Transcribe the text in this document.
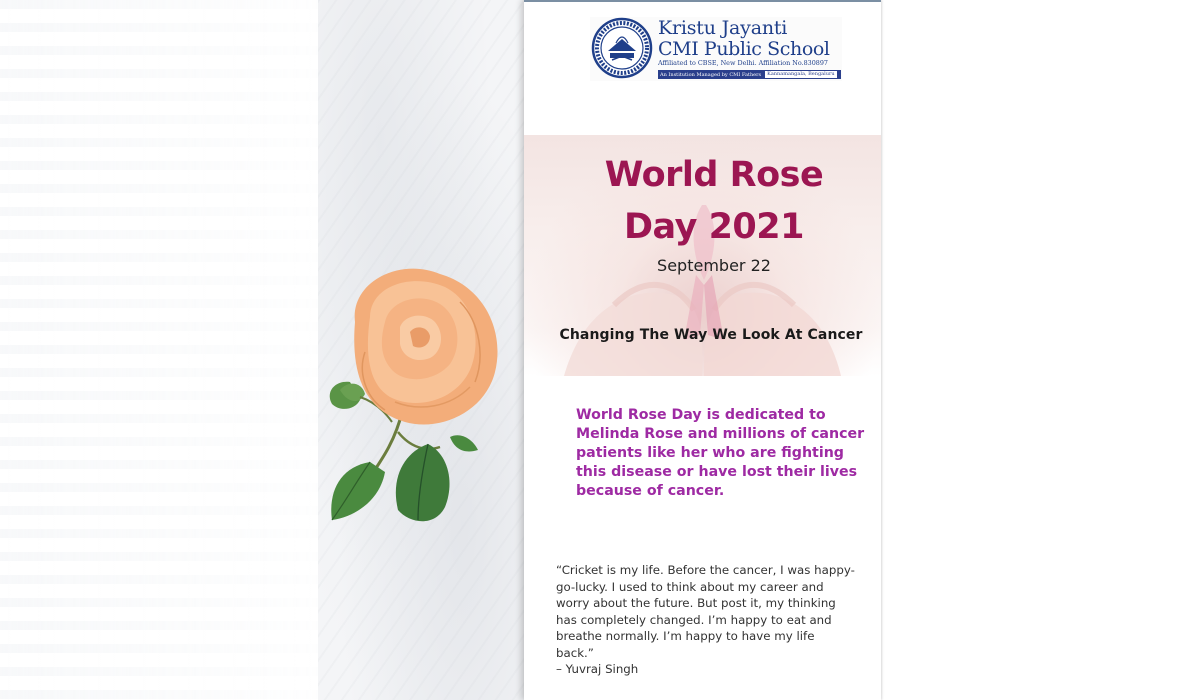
Kristu Jayanti
CMI Public School
Affiliated to CBSE, New Delhi. Affiliation No.830897
An Institution Managed by CMI Fathers	Kannamangala, Bengaluru
World Rose
Day 2021
September 22
Changing The Way We Look At Cancer
World Rose Day is dedicated to Melinda Rose and millions of cancer patients like her who are fighting this disease or have lost their lives because of cancer.
“Cricket is my life. Before the cancer, I was happy-go-lucky. I used to think about my career and worry about the future. But post it, my thinking has completely changed. I’m happy to eat and breathe normally. I’m happy to have my life back.”
– Yuvraj Singh
